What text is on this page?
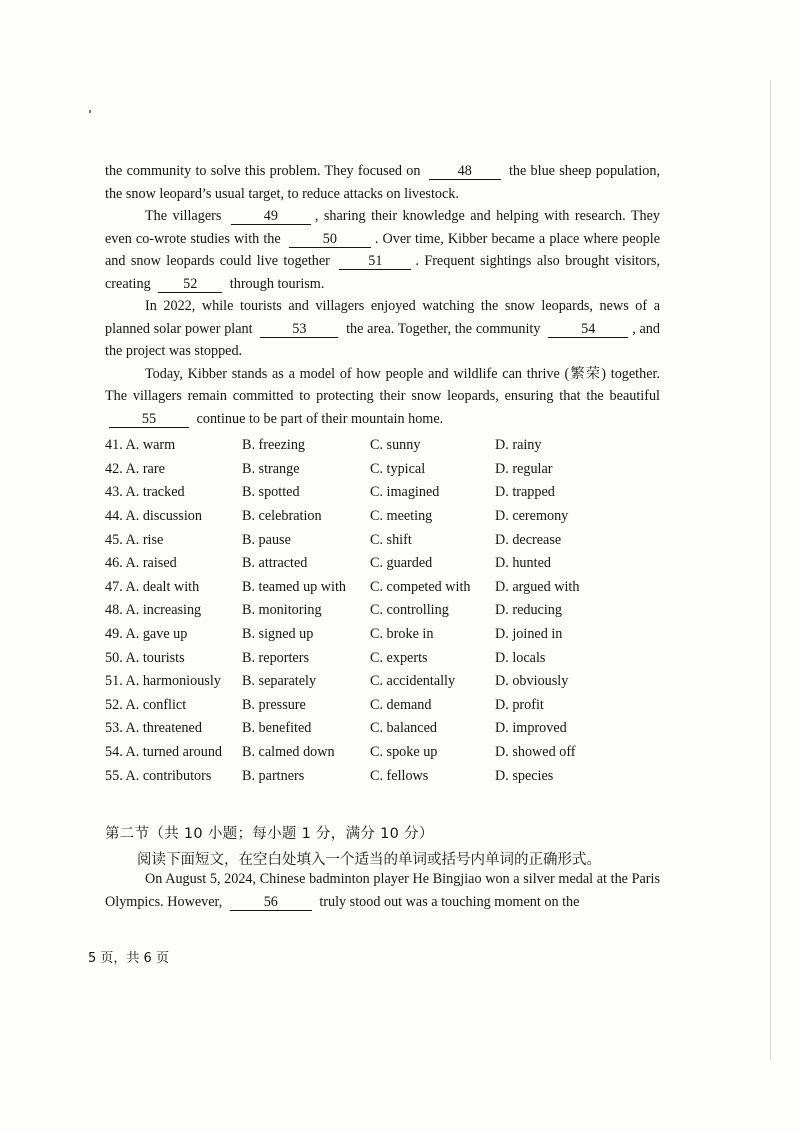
the community to solve this problem. They focused on	48	the blue sheep population, the snow leopard’s usual target, to reduce attacks on livestock.

The villagers	49	, sharing their knowledge and helping with research. They even co-wrote studies with the	50	. Over time, Kibber became a place where people and snow leopards could live together	51 . Frequent sightings also brought visitors, creating 52 through tourism.

In 2022, while tourists and villagers enjoyed watching the snow leopards, news of a planned solar power plant	53	the area. Together, the community	54	, and the project was stopped.

Today, Kibber stands as a model of how people and wildlife can thrive (繁荣) together. The villagers remain committed to protecting their snow leopards, ensuring that the beautiful 55	continue to be part of their mountain home.

41. A. warm	B. freezing	C. sunny	D. rainy
42. A. rare	B. strange	C. typical	D. regular
43. A. tracked	B. spotted	C. imagined	D. trapped
44. A. discussion	B. celebration	C. meeting	D. ceremony
45. A. rise	B. pause	C. shift	D. decrease
46. A. raised	B. attracted	C. guarded	D. hunted
47. A. dealt with	B. teamed up with	C. competed with	D. argued with
48. A. increasing	B. monitoring	C. controlling	D. reducing
49. A. gave up	B. signed up	C. broke in	D. joined in
50. A. tourists	B. reporters	C. experts	D. locals
51. A. harmoniously	B. separately	C. accidentally	D. obviously
52. A. conflict	B. pressure	C. demand	D. profit
53. A. threatened	B. benefited	C. balanced	D. improved
54. A. turned around	B. calmed down	C. spoke up	D. showed off
55. A. contributors	B. partners	C. fellows	D. species
第二节（共 10 小题；每小题 1 分，满分 10 分）
阅读下面短文，在空白处填入一个适当的单词或括号内单词的正确形式。

On August 5, 2024, Chinese badminton player He Bingjiao won a silver medal at the Paris Olympics. However,	56	truly stood out was a touching moment on the

5 页，共 6 页
